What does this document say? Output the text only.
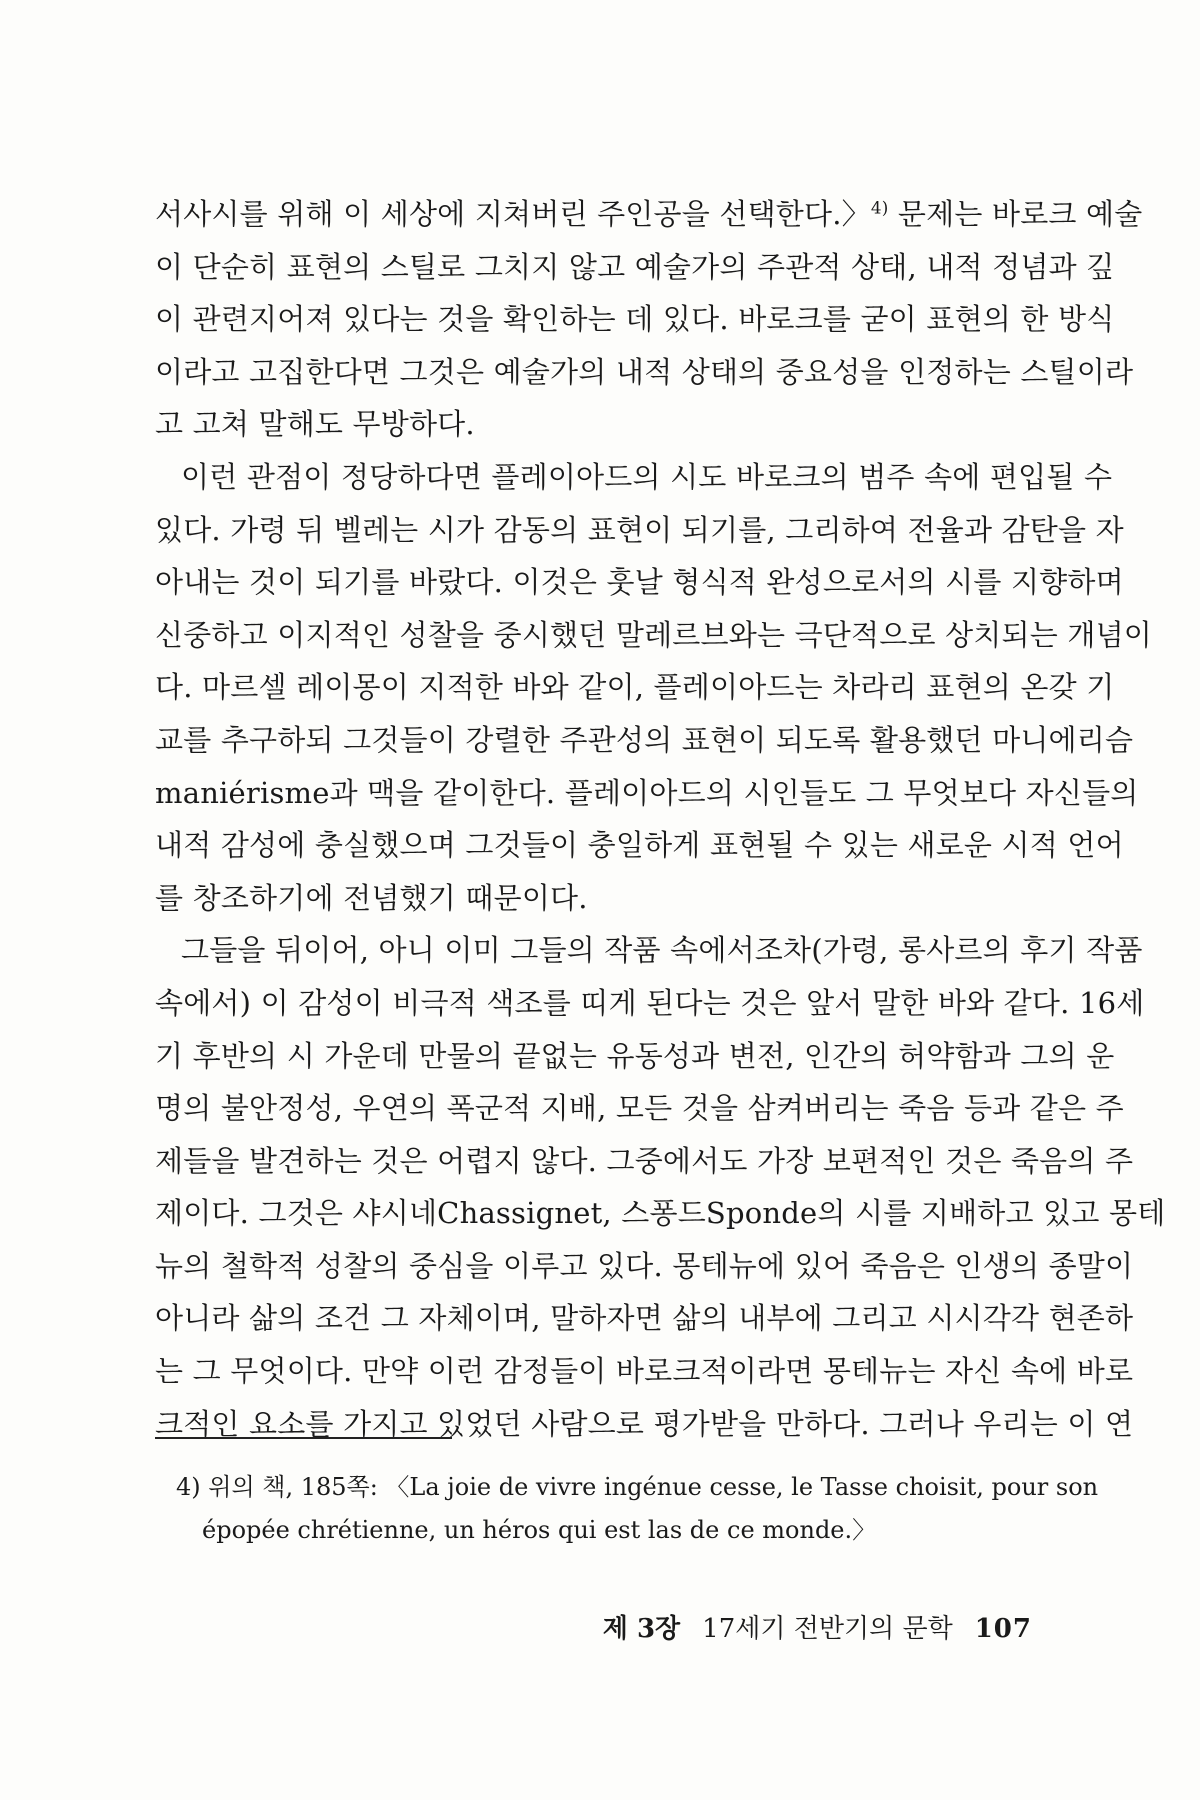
서사시를 위해 이 세상에 지쳐버린 주인공을 선택한다.〉$^{4)}$ 문제는 바로크 예술
이 단순히 표현의 스틸로 그치지 않고 예술가의 주관적 상태, 내적 정념과 깊
이 관련지어져 있다는 것을 확인하는 데 있다. 바로크를 굳이 표현의 한 방식
이라고 고집한다면 그것은 예술가의 내적 상태의 중요성을 인정하는 스틸이라
고 고쳐 말해도 무방하다.
이런 관점이 정당하다면 플레이아드의 시도 바로크의 범주 속에 편입될 수
있다. 가령 뒤 벨레는 시가 감동의 표현이 되기를, 그리하여 전율과 감탄을 자
아내는 것이 되기를 바랐다. 이것은 훗날 형식적 완성으로서의 시를 지향하며
신중하고 이지적인 성찰을 중시했던 말레르브와는 극단적으로 상치되는 개념이
다. 마르셀 레이몽이 지적한 바와 같이, 플레이아드는 차라리 표현의 온갖 기
교를 추구하되 그것들이 강렬한 주관성의 표현이 되도록 활용했던 마니에리슴
maniérisme과 맥을 같이한다. 플레이아드의 시인들도 그 무엇보다 자신들의
내적 감성에 충실했으며 그것들이 충일하게 표현될 수 있는 새로운 시적 언어
를 창조하기에 전념했기 때문이다.
그들을 뒤이어, 아니 이미 그들의 작품 속에서조차(가령, 롱사르의 후기 작품
속에서) 이 감성이 비극적 색조를 띠게 된다는 것은 앞서 말한 바와 같다. 16세
기 후반의 시 가운데 만물의 끝없는 유동성과 변전, 인간의 허약함과 그의 운
명의 불안정성, 우연의 폭군적 지배, 모든 것을 삼켜버리는 죽음 등과 같은 주
제들을 발견하는 것은 어렵지 않다. 그중에서도 가장 보편적인 것은 죽음의 주
제이다. 그것은 샤시네Chassignet, 스퐁드Sponde의 시를 지배하고 있고 몽테
뉴의 철학적 성찰의 중심을 이루고 있다. 몽테뉴에 있어 죽음은 인생의 종말이
아니라 삶의 조건 그 자체이며, 말하자면 삶의 내부에 그리고 시시각각 현존하
는 그 무엇이다. 만약 이런 감정들이 바로크적이라면 몽테뉴는 자신 속에 바로
크적인 요소를 가지고 있었던 사람으로 평가받을 만하다. 그러나 우리는 이 연
4) 위의 책, 185쪽: 〈La joie de vivre ingénue cesse, le Tasse choisit, pour son
épopée chrétienne, un héros qui est las de ce monde.〉
제 3장 17세기 전반기의 문학 107
